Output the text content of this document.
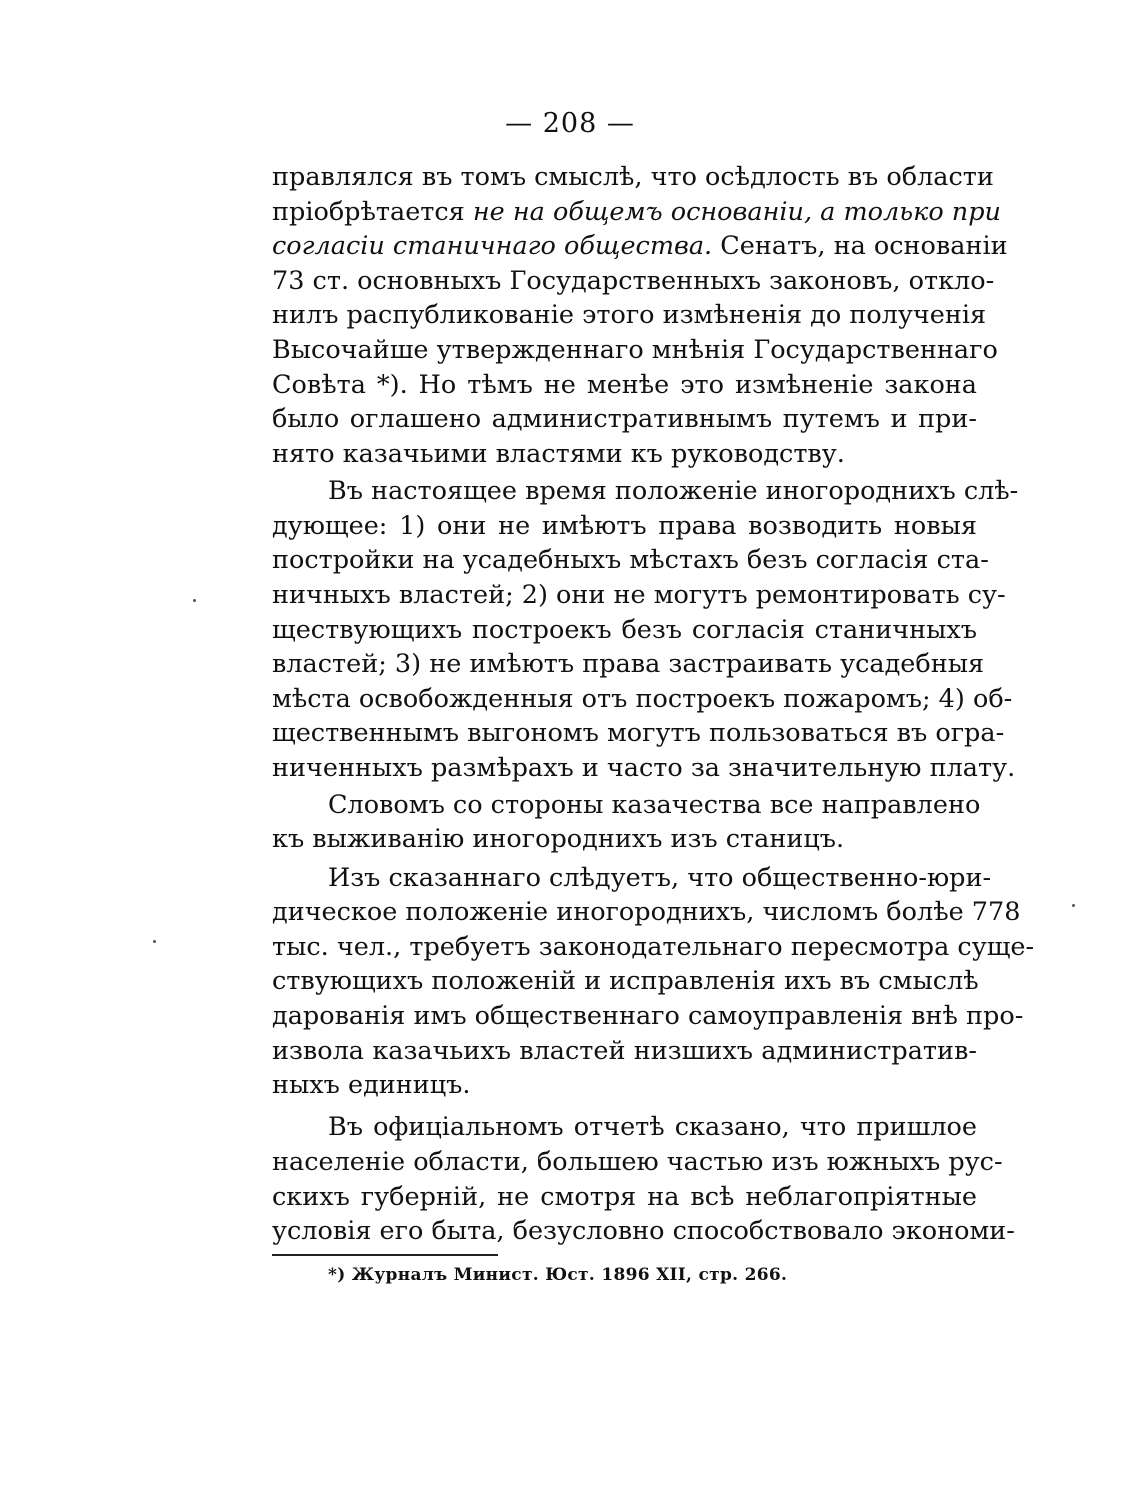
— 208 —
правлялся въ томъ смыслѣ, что осѣдлость въ области
пріобрѣтается не на общемъ основаніи, а только при
согласіи станичнаго общества. Сенатъ, на основаніи
73 ст. основныхъ Государственныхъ законовъ, откло-
нилъ распубликованіе этого измѣненія до полученія
Высочайше утвержденнаго мнѣнія Государственнаго
Совѣта *). Но тѣмъ не менѣе это измѣненіе закона
было оглашено административнымъ путемъ и при-
нято казачьими властями къ руководству.
Въ настоящее время положеніе иногороднихъ слѣ-
дующее: 1) они не имѣютъ права возводить новыя
постройки на усадебныхъ мѣстахъ безъ согласія ста-
ничныхъ властей; 2) они не могутъ ремонтировать су-
ществующихъ построекъ безъ согласія станичныхъ
властей; 3) не имѣютъ права застраивать усадебныя
мѣста освобожденныя отъ построекъ пожаромъ; 4) об-
щественнымъ выгономъ могутъ пользоваться въ огра-
ниченныхъ размѣрахъ и часто за значительную плату.
Словомъ со стороны казачества все направлено
къ выживанію иногороднихъ изъ станицъ.
Изъ сказаннаго слѣдуетъ, что общественно-юри-
дическое положеніе иногороднихъ, числомъ болѣе 778
тыс. чел., требуетъ законодательнаго пересмотра суще-
ствующихъ положеній и исправленія ихъ въ смыслѣ
дарованія имъ общественнаго самоуправленія внѣ про-
извола казачьихъ властей низшихъ административ-
ныхъ единицъ.
Въ офиціальномъ отчетѣ сказано, что пришлое
населеніе области, большею частью изъ южныхъ рус-
скихъ губерній, не смотря на всѣ неблагопріятные
условія его быта, безусловно способствовало экономи-
*) Журналъ Минист. Юст. 1896 XII, стр. 266.
